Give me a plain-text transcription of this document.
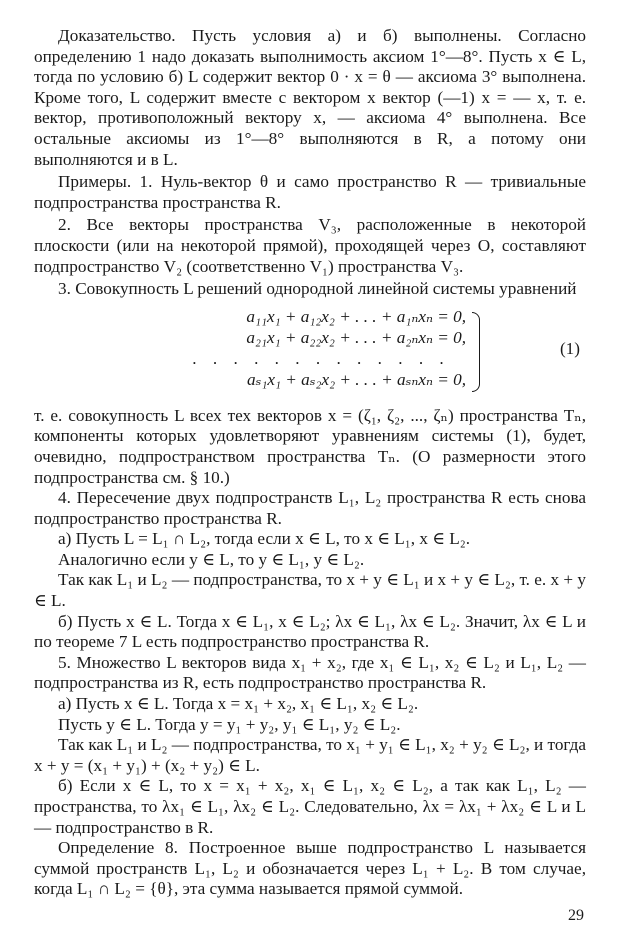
Доказательство. Пусть условия а) и б) выполнены. Согласно определению 1 надо доказать выполнимость аксиом 1°—8°. Пусть x ∈ L, тогда по условию б) L содержит вектор 0 · x = θ — аксиома 3° выполнена. Кроме того, L содержит вместе с вектором x вектор (—1) x = — x, т. е. вектор, противоположный вектору x, — аксиома 4° выполнена. Все остальные аксиомы из 1°—8° выполняются в R, а потому они выполняются и в L.

Примеры. 1. Нуль-вектор θ и само пространство R — тривиальные подпространства пространства R.

2. Все векторы пространства V₃, расположенные в некоторой плоскости (или на некоторой прямой), проходящей через O, составляют подпространство V₂ (соответственно V₁) пространства V₃.

3. Совокупность L решений однородной линейной системы уравнений

a₁₁x₁ + a₁₂x₂ + . . . + a₁ₙxₙ = 0,
a₂₁x₁ + a₂₂x₂ + . . . + a₂ₙxₙ = 0,
. . . . . . . . . . . . .
aₛ₁x₁ + aₛ₂x₂ + . . . + aₛₙxₙ = 0,
(1)

т. е. совокупность L всех тех векторов x = (ζ₁, ζ₂, ..., ζₙ) пространства Tₙ, компоненты которых удовлетворяют уравнениям системы (1), будет, очевидно, подпространством пространства Tₙ. (О размерности этого подпространства см. § 10.)

4. Пересечение двух подпространств L₁, L₂ пространства R есть снова подпространство пространства R.

а) Пусть L = L₁ ∩ L₂, тогда если x ∈ L, то x ∈ L₁, x ∈ L₂.

Аналогично если y ∈ L, то y ∈ L₁, y ∈ L₂.

Так как L₁ и L₂ — подпространства, то x + y ∈ L₁ и x + y ∈ L₂, т. е. x + y ∈ L.

б) Пусть x ∈ L. Тогда x ∈ L₁, x ∈ L₂; λx ∈ L₁, λx ∈ L₂. Значит, λx ∈ L и по теореме 7 L есть подпространство пространства R.

5. Множество L векторов вида x₁ + x₂, где x₁ ∈ L₁, x₂ ∈ L₂ и L₁, L₂ — подпространства из R, есть подпространство пространства R.

а) Пусть x ∈ L. Тогда x = x₁ + x₂, x₁ ∈ L₁, x₂ ∈ L₂.

Пусть y ∈ L. Тогда y = y₁ + y₂, y₁ ∈ L₁, y₂ ∈ L₂.

Так как L₁ и L₂ — подпространства, то x₁ + y₁ ∈ L₁, x₂ + y₂ ∈ L₂, и тогда x + y = (x₁ + y₁) + (x₂ + y₂) ∈ L.

б) Если x ∈ L, то x = x₁ + x₂, x₁ ∈ L₁, x₂ ∈ L₂, а так как L₁, L₂ — пространства, то λx₁ ∈ L₁, λx₂ ∈ L₂. Следовательно, λx = λx₁ + λx₂ ∈ L и L — подпространство в R.

Определение 8. Построенное выше подпространство L называется суммой пространств L₁, L₂ и обозначается через L₁ + L₂. В том случае, когда L₁ ∩ L₂ = {θ}, эта сумма называется прямой суммой.

29
